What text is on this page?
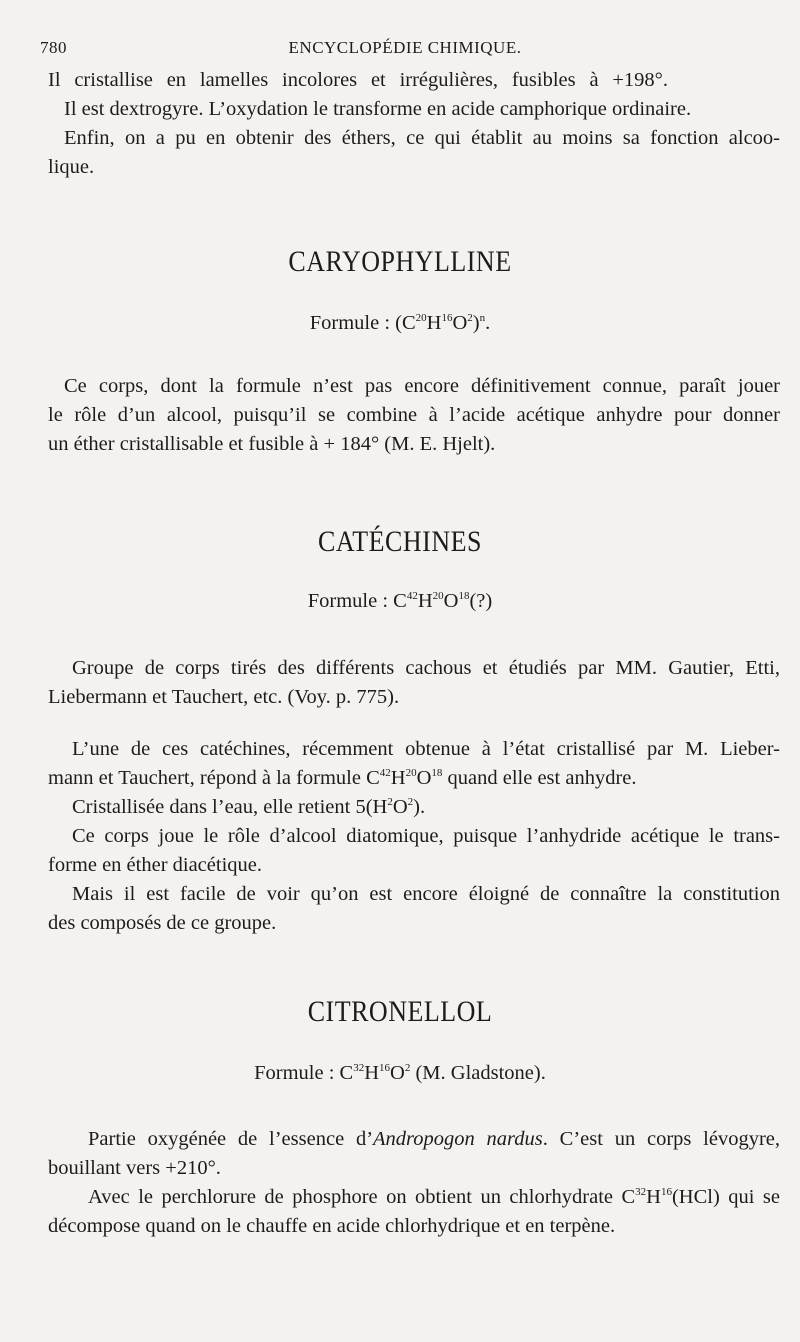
780	ENCYCLOPÉDIE CHIMIQUE.
Il cristallise en lamelles incolores et irrégulières, fusibles à +198°.
Il est dextrogyre. L’oxydation le transforme en acide camphorique ordinaire.
Enfin, on a pu en obtenir des éthers, ce qui établit au moins sa fonction alcoo-
lique.
CARYOPHYLLINE
Formule : $(C^{20}H^{16}O^2)^n$.
Ce corps, dont la formule n’est pas encore définitivement connue, paraît jouer
le rôle d’un alcool, puisqu’il se combine à l’acide acétique anhydre pour donner
un éther cristallisable et fusible à + 184° (M. E. Hjelt).
CATÉCHINES
Formule : $C^{42}H^{20}O^{18}(?)$
Groupe de corps tirés des différents cachous et étudiés par MM. Gautier, Etti,
Liebermann et Tauchert, etc. (Voy. p. 775).
L’une de ces catéchines, récemment obtenue à l’état cristallisé par M. Lieber-
mann et Tauchert, répond à la formule $C^{42}H^{20}O^{18}$ quand elle est anhydre.
Cristallisée dans l’eau, elle retient $5(H^2O^2)$.
Ce corps joue le rôle d’alcool diatomique, puisque l’anhydride acétique le trans-
forme en éther diacétique.
Mais il est facile de voir qu’on est encore éloigné de connaître la constitution
des composés de ce groupe.
CITRONELLOL
Formule : $C^{32}H^{16}O^2$ (M. Gladstone).
Partie oxygénée de l’essence d’Andropogon nardus. C’est un corps lévogyre,
bouillant vers +210°.
Avec le perchlorure de phosphore on obtient un chlorhydrate $C^{32}H^{16}(HCl)$ qui se
décompose quand on le chauffe en acide chlorhydrique et en terpène.
